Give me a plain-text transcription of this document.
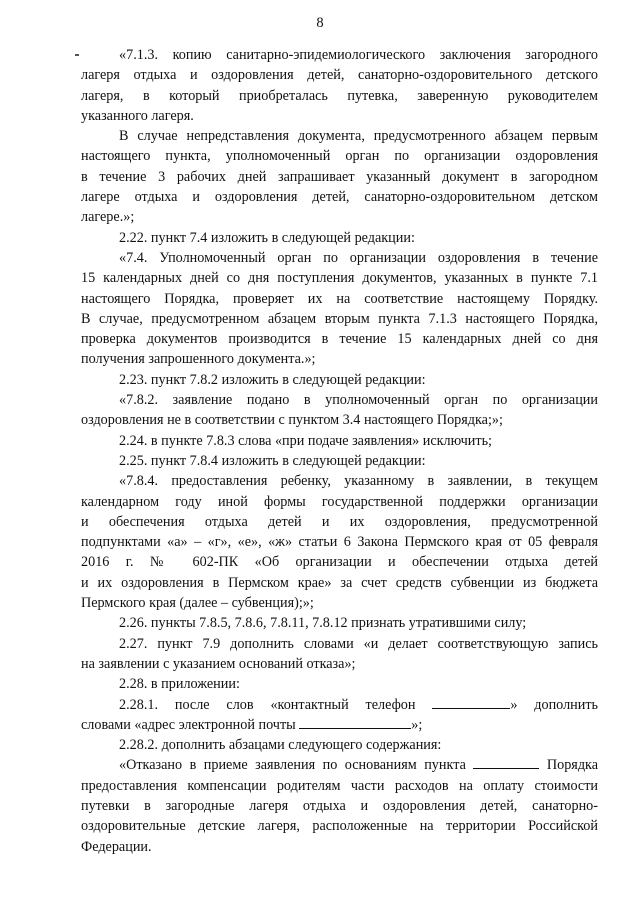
8
«7.1.3. копию санитарно-эпидемиологического заключения загородного
лагеря отдыха и оздоровления детей, санаторно-оздоровительного детского
лагеря, в который приобреталась путевка, заверенную руководителем
указанного лагеря.
В случае непредставления документа, предусмотренного абзацем первым
настоящего пункта, уполномоченный орган по организации оздоровления
в течение 3 рабочих дней запрашивает указанный документ в загородном
лагере отдыха и оздоровления детей, санаторно-оздоровительном детском
лагере.»;
2.22. пункт 7.4 изложить в следующей редакции:
«7.4. Уполномоченный орган по организации оздоровления в течение
15 календарных дней со дня поступления документов, указанных в пункте 7.1
настоящего Порядка, проверяет их на соответствие настоящему Порядку.
В случае, предусмотренном абзацем вторым пункта 7.1.3 настоящего Порядка,
проверка документов производится в течение 15 календарных дней со дня
получения запрошенного документа.»;
2.23. пункт 7.8.2 изложить в следующей редакции:
«7.8.2. заявление подано в уполномоченный орган по организации
оздоровления не в соответствии с пунктом 3.4 настоящего Порядка;»;
2.24. в пункте 7.8.3 слова «при подаче заявления» исключить;
2.25. пункт 7.8.4 изложить в следующей редакции:
«7.8.4. предоставления ребенку, указанному в заявлении, в текущем
календарном году иной формы государственной поддержки организации
и обеспечения отдыха детей и их оздоровления, предусмотренной
подпунктами «а» – «г», «е», «ж» статьи 6 Закона Пермского края от 05 февраля
2016 г. № 602-ПК «Об организации и обеспечении отдыха детей
и их оздоровления в Пермском крае» за счет средств субвенции из бюджета
Пермского края (далее – субвенция);»;
2.26. пункты 7.8.5, 7.8.6, 7.8.11, 7.8.12 признать утратившими силу;
2.27. пункт 7.9 дополнить словами «и делает соответствующую запись
на заявлении с указанием оснований отказа»;
2.28. в приложении:
2.28.1. после слов «контактный телефон	» дополнить
словами «адрес электронной почты	»;
2.28.2. дополнить абзацами следующего содержания:
«Отказано в приеме заявления по основаниям пункта	Порядка
предоставления компенсации родителям части расходов на оплату стоимости
путевки в загородные лагеря отдыха и оздоровления детей, санаторно-
оздоровительные детские лагеря, расположенные на территории Российской
Федерации.
